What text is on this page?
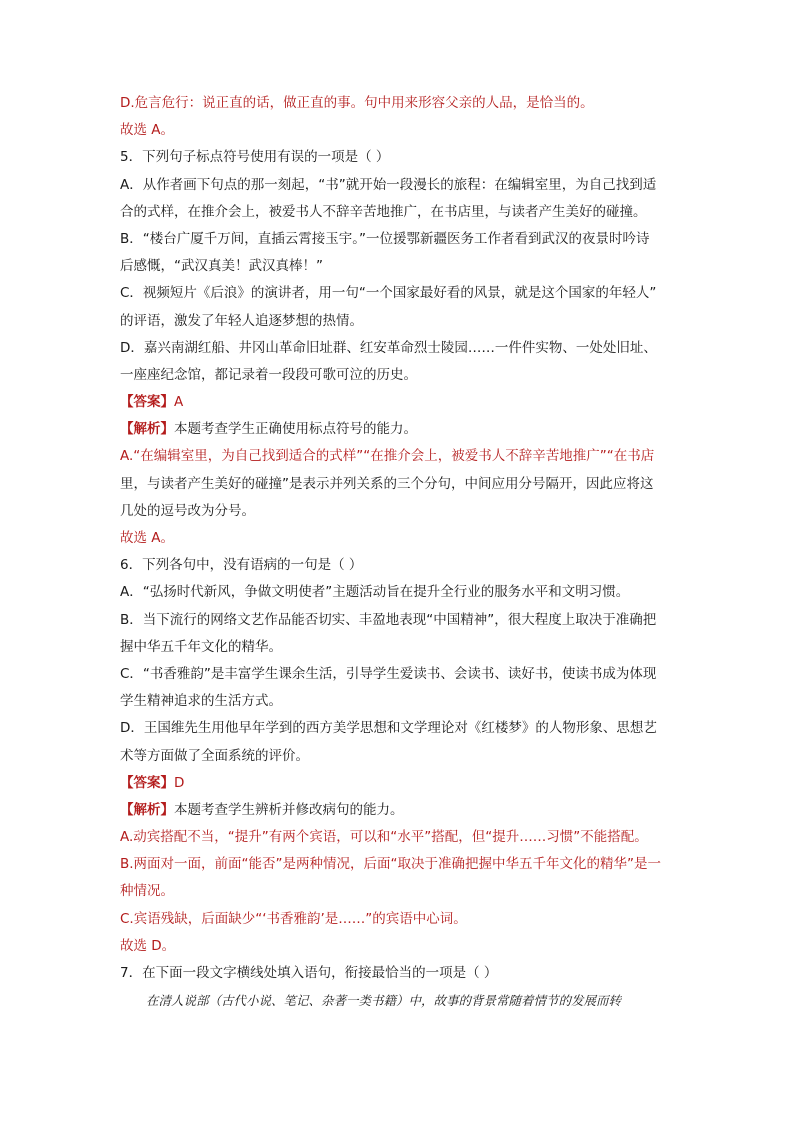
D.危言危行：说正直的话，做正直的事。句中用来形容父亲的人品，是恰当的。
故选 A。
5．下列句子标点符号使用有误的一项是（ ）
A．从作者画下句点的那一刻起，“书”就开始一段漫长的旅程：在编辑室里，为自己找到适
合的式样，在推介会上，被爱书人不辞辛苦地推广，在书店里，与读者产生美好的碰撞。
B．“楼台广厦千万间，直插云霄接玉宇。”一位援鄂新疆医务工作者看到武汉的夜景时吟诗
后感慨，“武汉真美！武汉真棒！”
C．视频短片《后浪》的演讲者，用一句“一个国家最好看的风景，就是这个国家的年轻人”
的评语，激发了年轻人追逐梦想的热情。
D．嘉兴南湖红船、井冈山革命旧址群、红安革命烈士陵园……一件件实物、一处处旧址、
一座座纪念馆，都记录着一段段可歌可泣的历史。
【答案】A
【解析】本题考查学生正确使用标点符号的能力。
A.“在编辑室里，为自己找到适合的式样”“在推介会上，被爱书人不辞辛苦地推广”“在书店
里，与读者产生美好的碰撞”是表示并列关系的三个分句，中间应用分号隔开，因此应将这
几处的逗号改为分号。
故选 A。
6．下列各句中，没有语病的一句是（ ）
A．“弘扬时代新风，争做文明使者”主题活动旨在提升全行业的服务水平和文明习惯。
B．当下流行的网络文艺作品能否切实、丰盈地表现“中国精神”，很大程度上取决于准确把
握中华五千年文化的精华。
C．“书香雅韵”是丰富学生课余生活，引导学生爱读书、会读书、读好书，使读书成为体现
学生精神追求的生活方式。
D．王国维先生用他早年学到的西方美学思想和文学理论对《红楼梦》的人物形象、思想艺
术等方面做了全面系统的评价。
【答案】D
【解析】本题考查学生辨析并修改病句的能力。
A.动宾搭配不当，“提升”有两个宾语，可以和“水平”搭配，但“提升……习惯”不能搭配。
B.两面对一面，前面“能否”是两种情况，后面“取决于准确把握中华五千年文化的精华”是一
种情况。
C.宾语残缺，后面缺少“‘书香雅韵’是……”的宾语中心词。
故选 D。
7．在下面一段文字横线处填入语句，衔接最恰当的一项是（ ）
在清人说部（古代小说、笔记、杂著一类书籍）中，故事的背景常随着情节的发展而转
